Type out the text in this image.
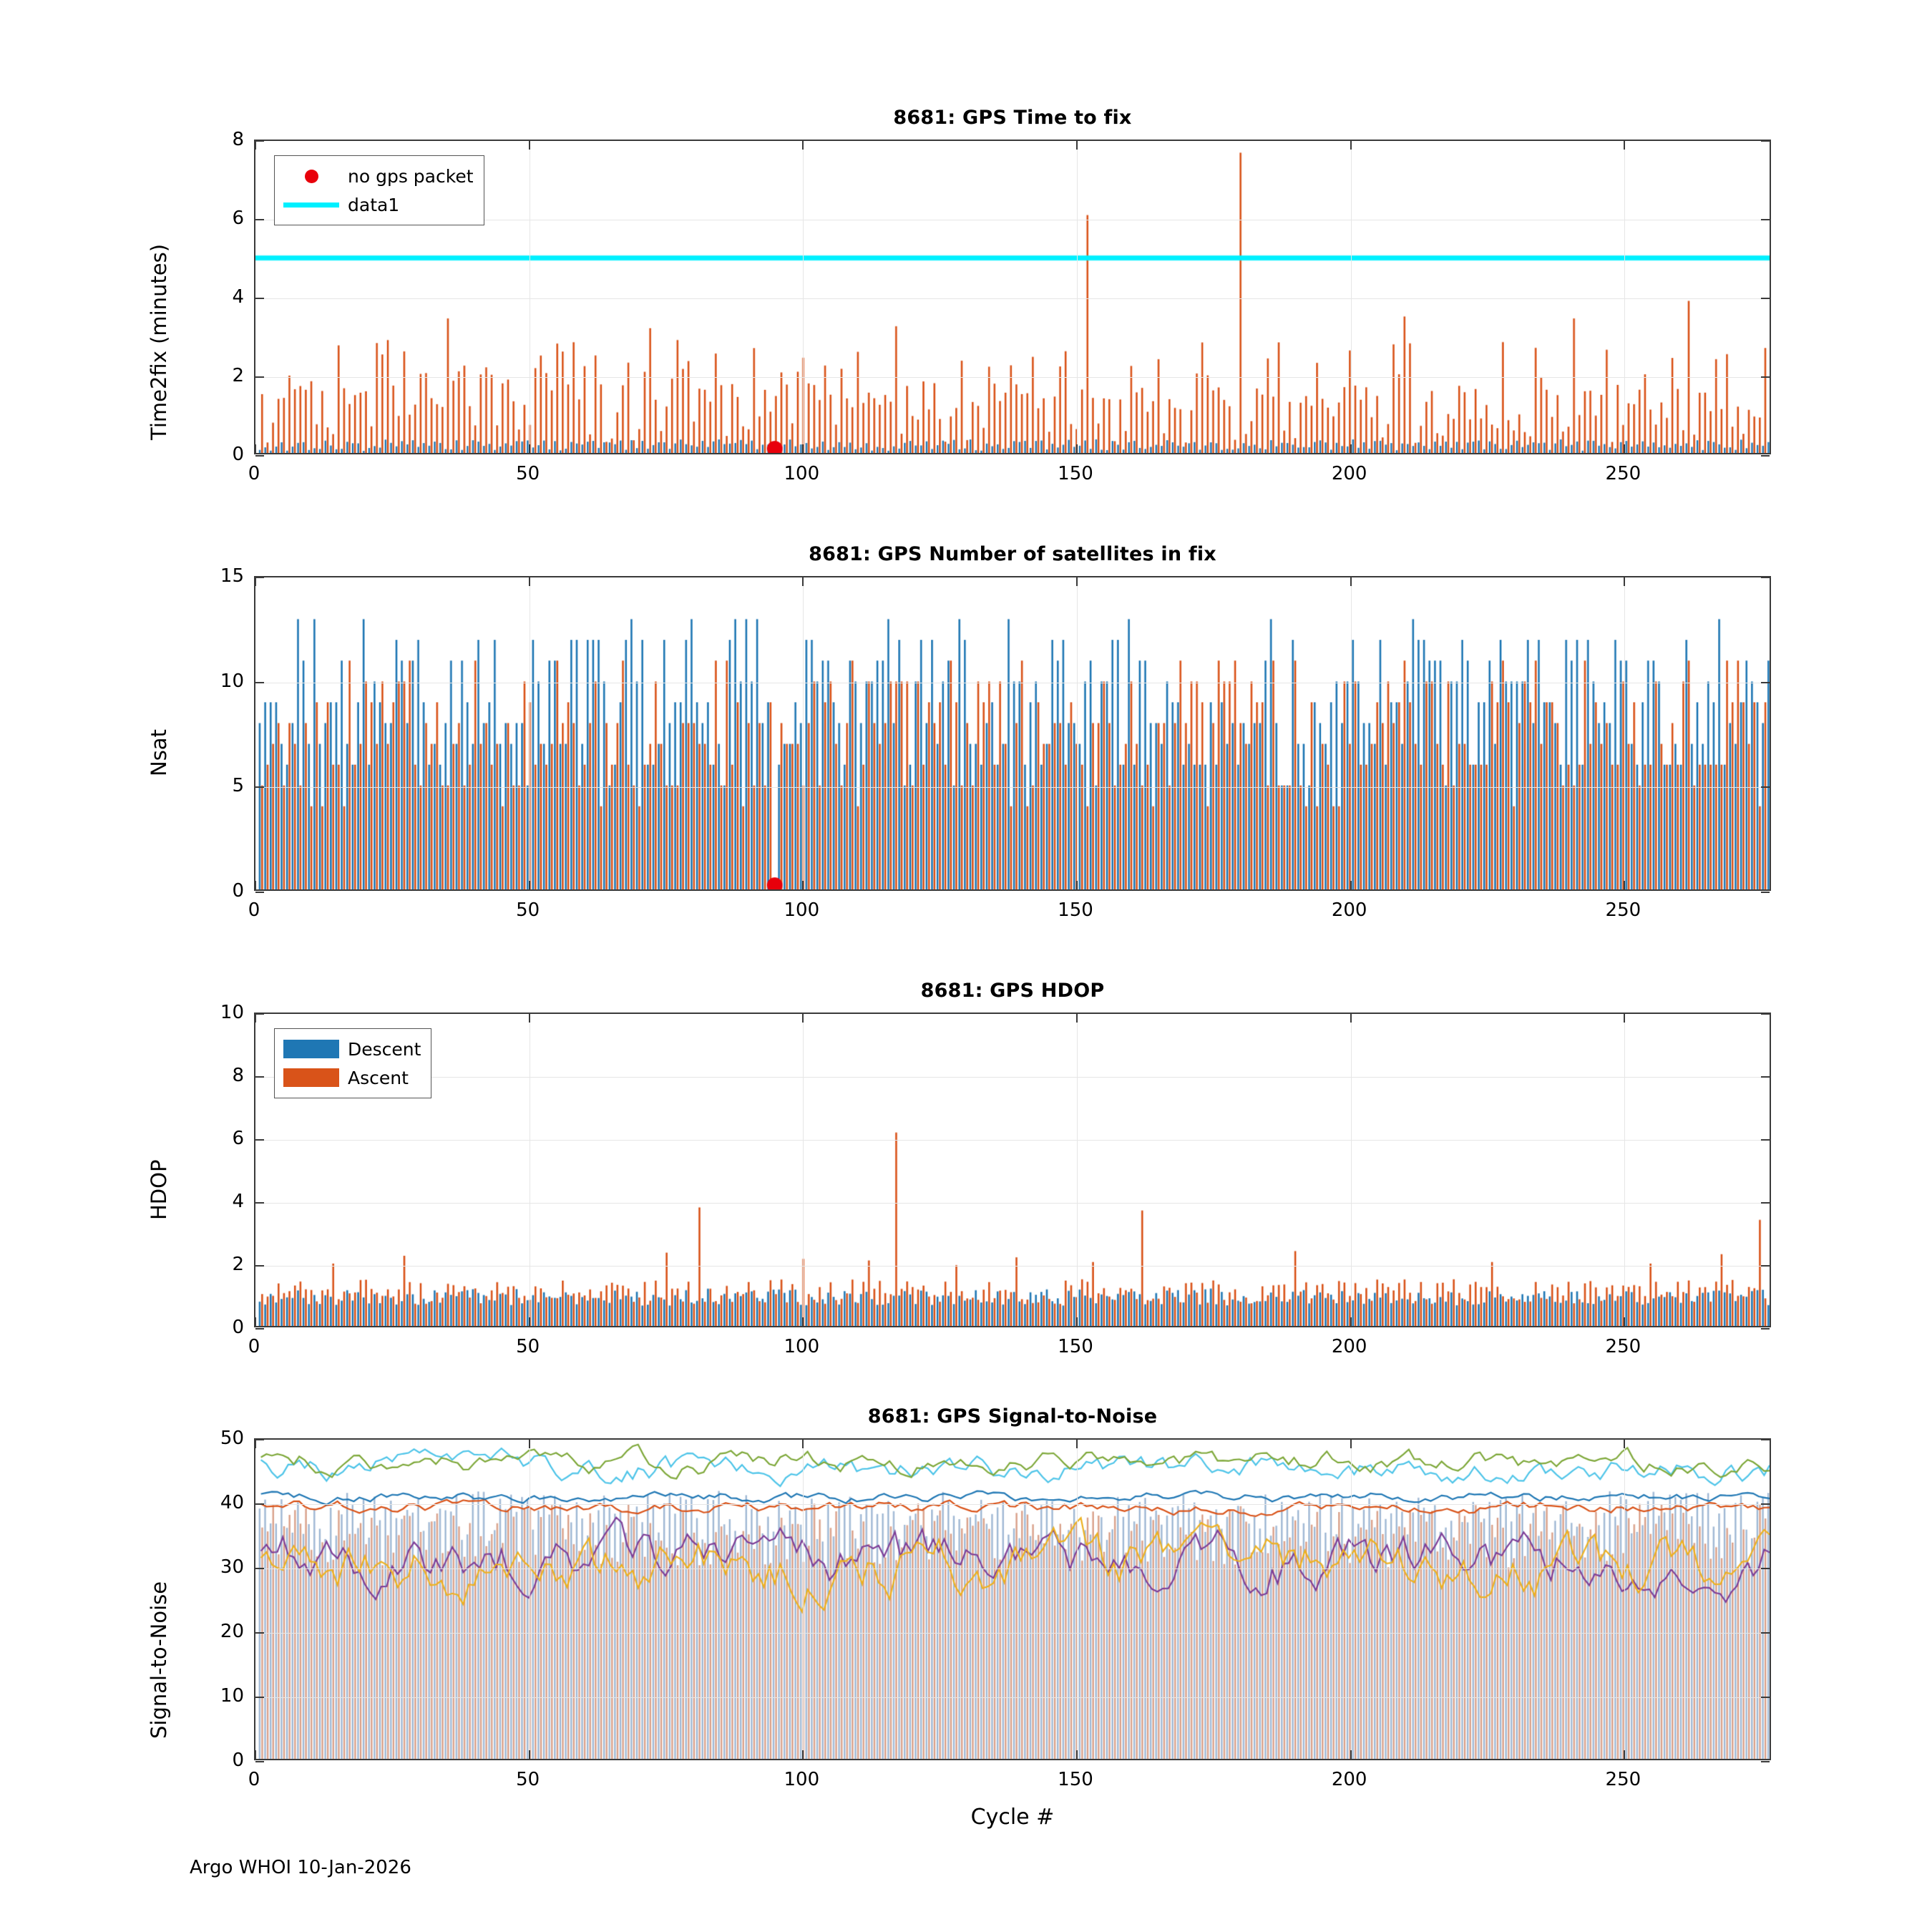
8681: GPS Time to fix
Time2fix (minutes)
no gps packet
data1
0
2
4
6
8
0	50	100	150	200	250
8681: GPS Number of satellites in fix
Nsat
0
5
10
15
0	50	100	150	200	250
8681: GPS HDOP
HDOP
Descent
Ascent
0
2
4
6
8
10
0	50	100	150	200	250
8681: GPS Signal-to-Noise
Signal-to-Noise
Cycle #
0
10
20
30
40
50
0	50	100	150	200	250
Argo WHOI 10-Jan-2026
